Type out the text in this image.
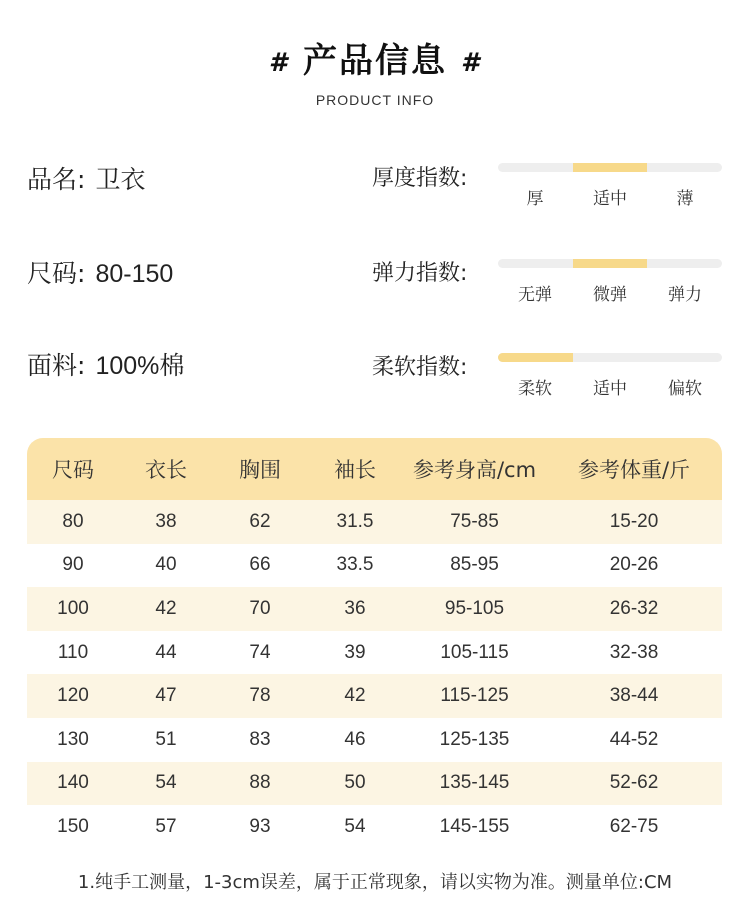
# 产品信息 #
PRODUCT INFO
品名: 卫衣
尺码: 80-150
面料: 100%棉
厚度指数:
厚	适中	薄
弹力指数:
无弹	微弹	弹力
柔软指数:
柔软	适中	偏软
尺码	衣长	胸围	袖长	参考身高/cm	参考体重/斤
80	38	62	31.5	75-85	15-20
90	40	66	33.5	85-95	20-26
100	42	70	36	95-105	26-32
110	44	74	39	105-115	32-38
120	47	78	42	115-125	38-44
130	51	83	46	125-135	44-52
140	54	88	50	135-145	52-62
150	57	93	54	145-155	62-75
1.纯手工测量，1-3cm误差，属于正常现象，请以实物为准。测量单位:CM
